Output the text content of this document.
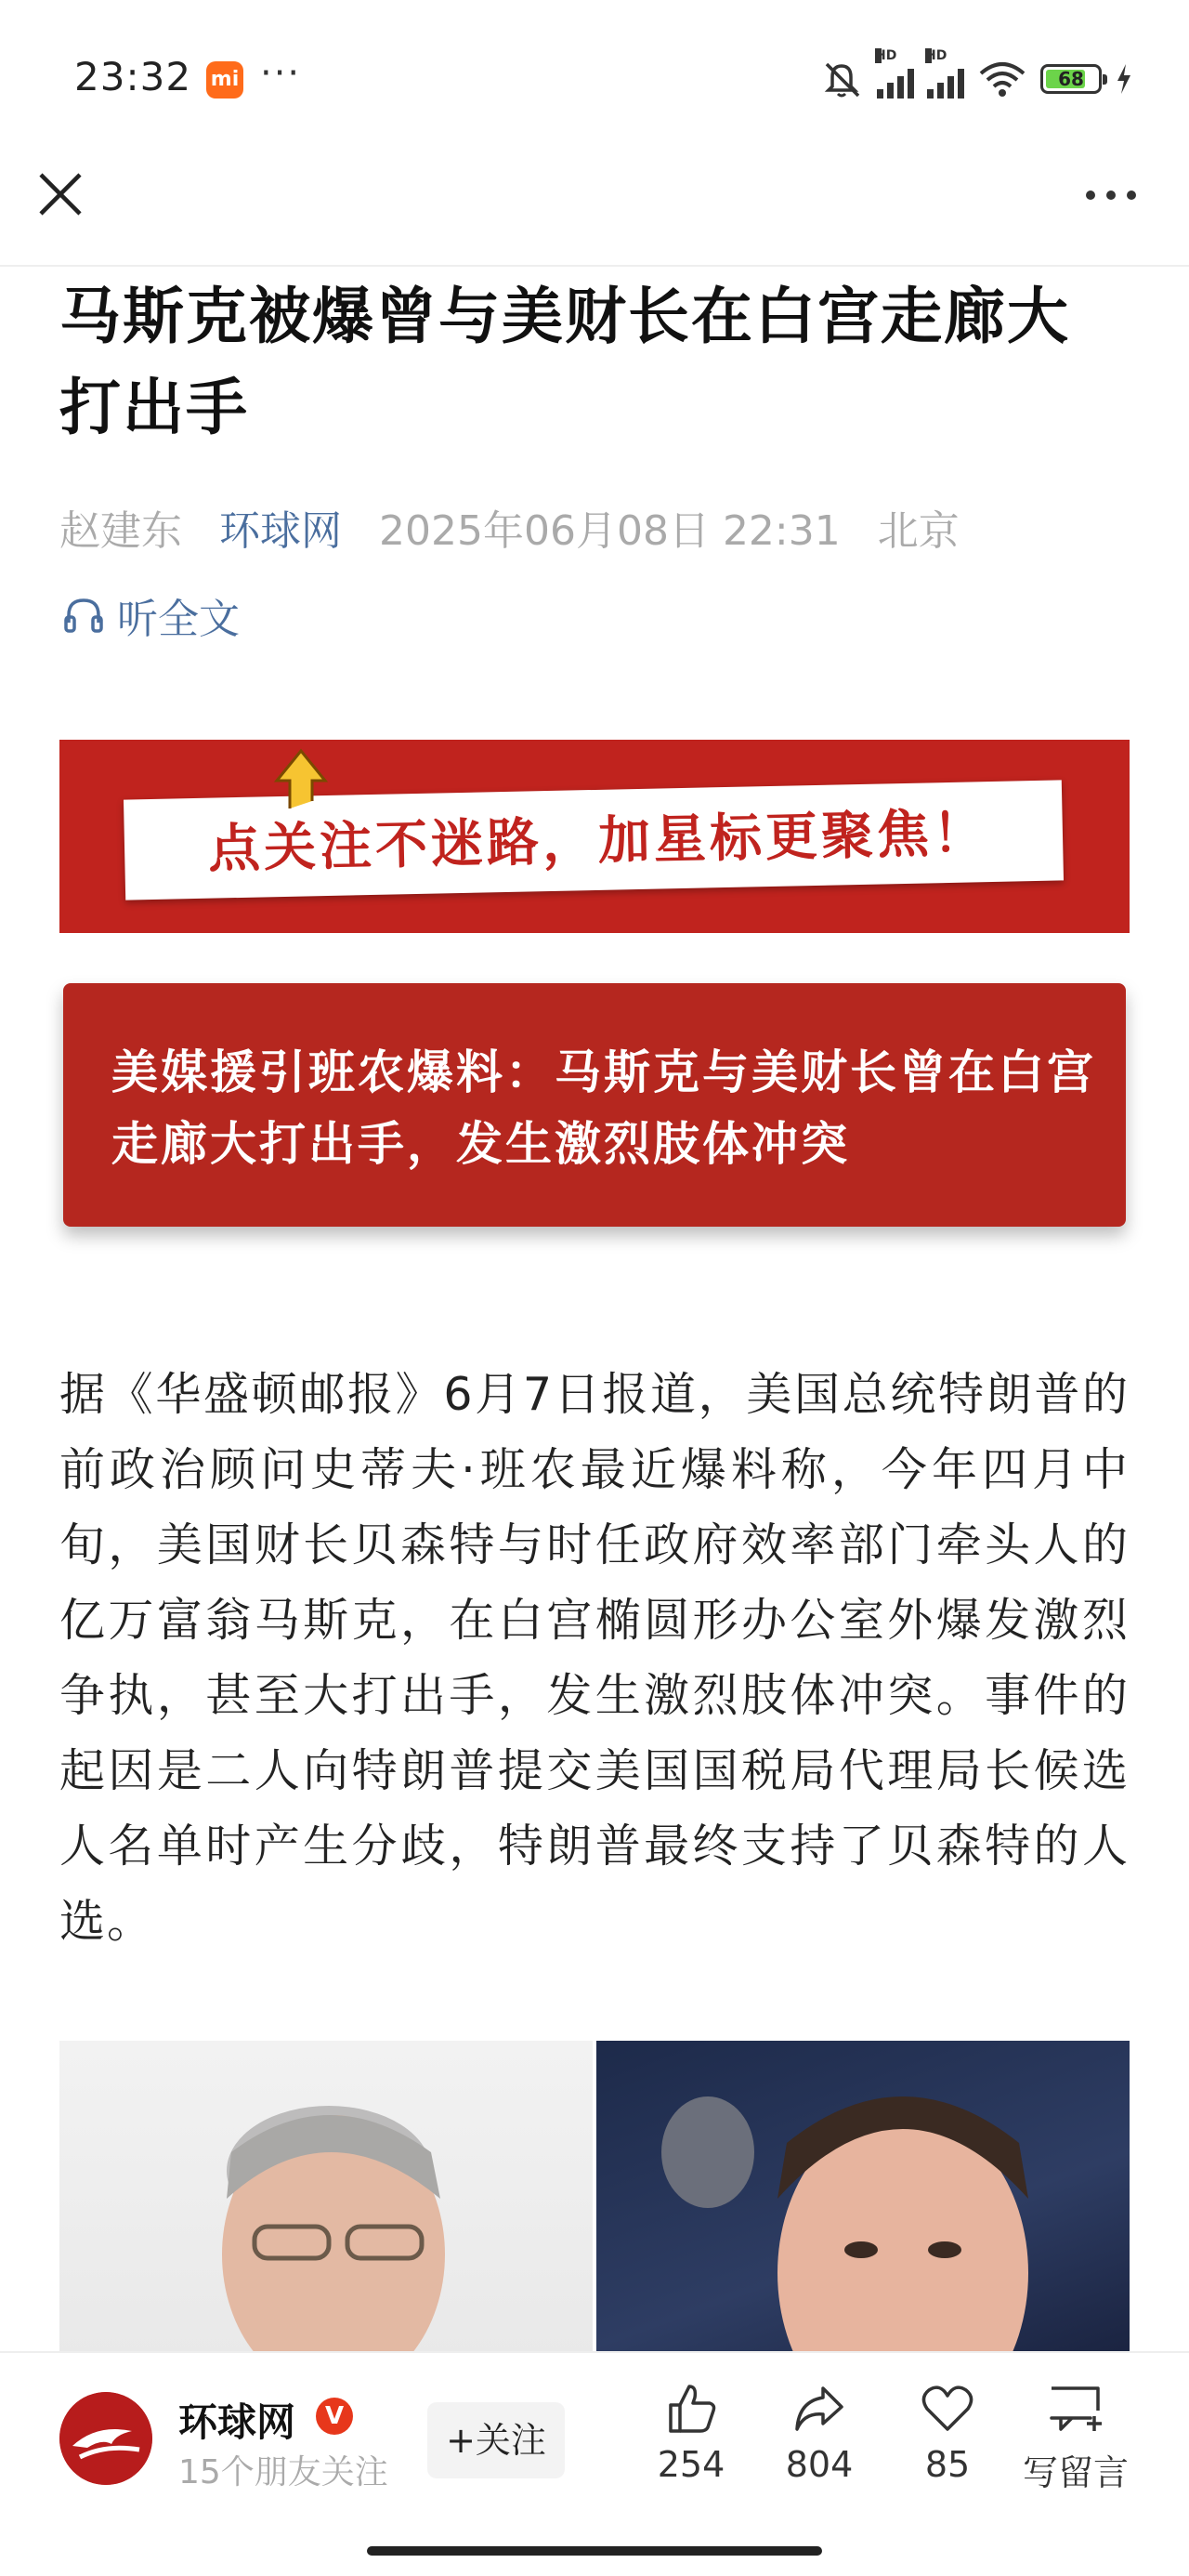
23:32 mi ···	HD HD
68
马斯克被爆曾与美财长在白宫走廊大打出手
赵建东 环球网 2025年06月08日 22:31 北京
听全文
点关注不迷路，加星标更聚焦！
美媒援引班农爆料：马斯克与美财长曾在白宫走廊大打出手，发生激烈肢体冲突

据《华盛顿邮报》6月7日报道，美国总统特朗普的前政治顾问史蒂夫·班农最近爆料称，今年四月中旬，美国财长贝森特与时任政府效率部门牵头人的亿万富翁马斯克，在白宫椭圆形办公室外爆发激烈争执，甚至大打出手，发生激烈肢体冲突。事件的起因是二人向特朗普提交美国国税局代理局长候选人名单时产生分歧，特朗普最终支持了贝森特的人选。

环球网	V
15个朋友关注
+关注
254	804	85	写留言
